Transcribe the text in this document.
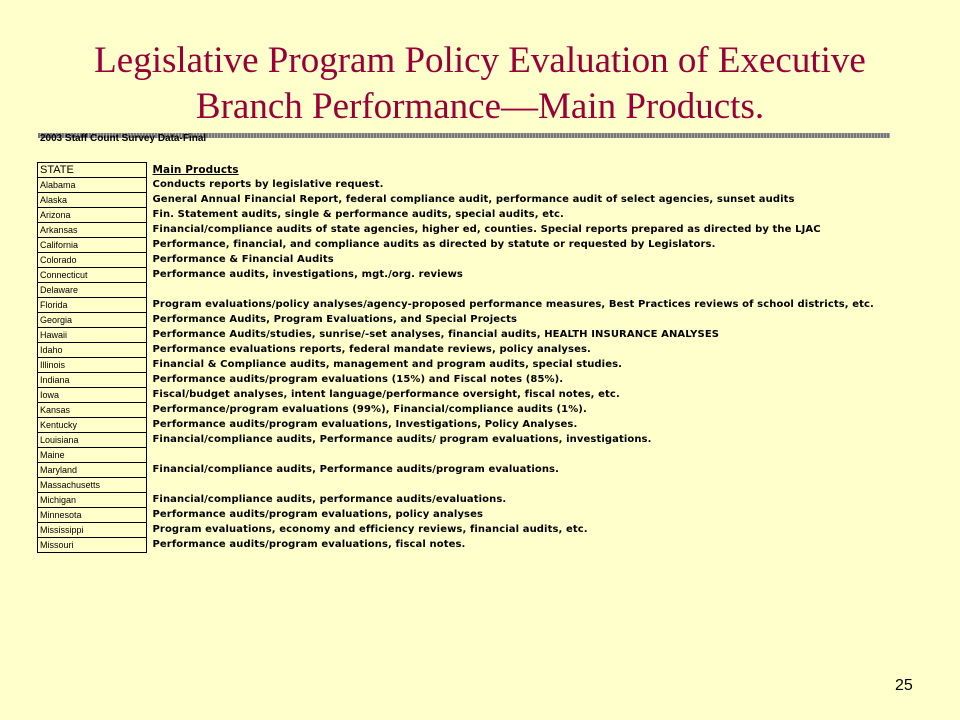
Legislative Program Policy Evaluation of Executive
Branch Performance—Main Products.
2003 Staff Count Survey Data-Final
STATE		Main Products
Alabama		Conducts reports by legislative request.
Alaska		General Annual Financial Report, federal compliance audit, performance audit of select agencies, sunset audits
Arizona		Fin. Statement audits, single & performance audits, special audits, etc.
Arkansas		Financial/compliance audits of state agencies, higher ed, counties. Special reports prepared as directed by the LJAC
California		Performance, financial, and compliance audits as directed by statute or requested by Legislators.
Colorado		Performance & Financial Audits
Connecticut		Performance audits, investigations, mgt./org. reviews
Delaware		
Florida		Program evaluations/policy analyses/agency-proposed performance measures, Best Practices reviews of school districts, etc.
Georgia		Performance Audits, Program Evaluations, and Special Projects
Hawaii		Performance Audits/studies, sunrise/-set analyses, financial audits, HEALTH INSURANCE ANALYSES
Idaho		Performance evaluations reports, federal mandate reviews, policy analyses.
Illinois		Financial & Compliance audits, management and program audits, special studies.
Indiana		Performance audits/program evaluations (15%) and Fiscal notes (85%).
Iowa		Fiscal/budget analyses, intent language/performance oversight, fiscal notes, etc.
Kansas		Performance/program evaluations (99%), Financial/compliance audits (1%).
Kentucky		Performance audits/program evaluations, Investigations, Policy Analyses.
Louisiana		Financial/compliance audits, Performance audits/ program evaluations, investigations.
Maine		
Maryland		Financial/compliance audits, Performance audits/program evaluations.
Massachusetts		
Michigan		Financial/compliance audits, performance audits/evaluations.
Minnesota		Performance audits/program evaluations, policy analyses
Mississippi		Program evaluations, economy and efficiency reviews, financial audits, etc.
Missouri		Performance audits/program evaluations, fiscal notes.
25
